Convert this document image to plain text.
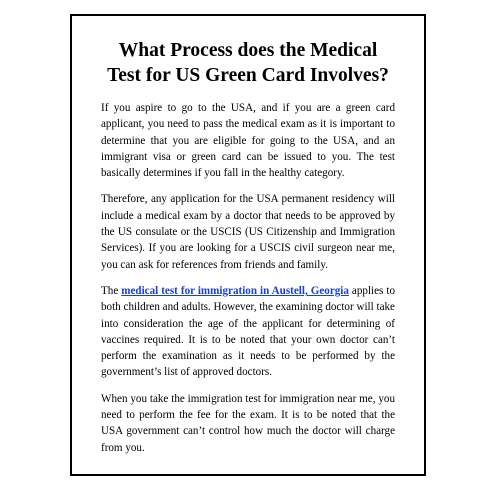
What Process does the Medical Test for US Green Card Involves?

If you aspire to go to the USA, and if you are a green card applicant, you need to pass the medical exam as it is important to determine that you are eligible for going to the USA, and an immigrant visa or green card can be issued to you. The test basically determines if you fall in the healthy category.

Therefore, any application for the USA permanent residency will include a medical exam by a doctor that needs to be approved by the US consulate or the USCIS (US Citizenship and Immigration Services). If you are looking for a USCIS civil surgeon near me, you can ask for references from friends and family.

The medical test for immigration in Austell, Georgia applies to both children and adults. However, the examining doctor will take into consideration the age of the applicant for determining of vaccines required. It is to be noted that your own doctor can’t perform the examination as it needs to be performed by the government’s list of approved doctors.

When you take the immigration test for immigration near me, you need to perform the fee for the exam. It is to be noted that the USA government can’t control how much the doctor will charge from you.
